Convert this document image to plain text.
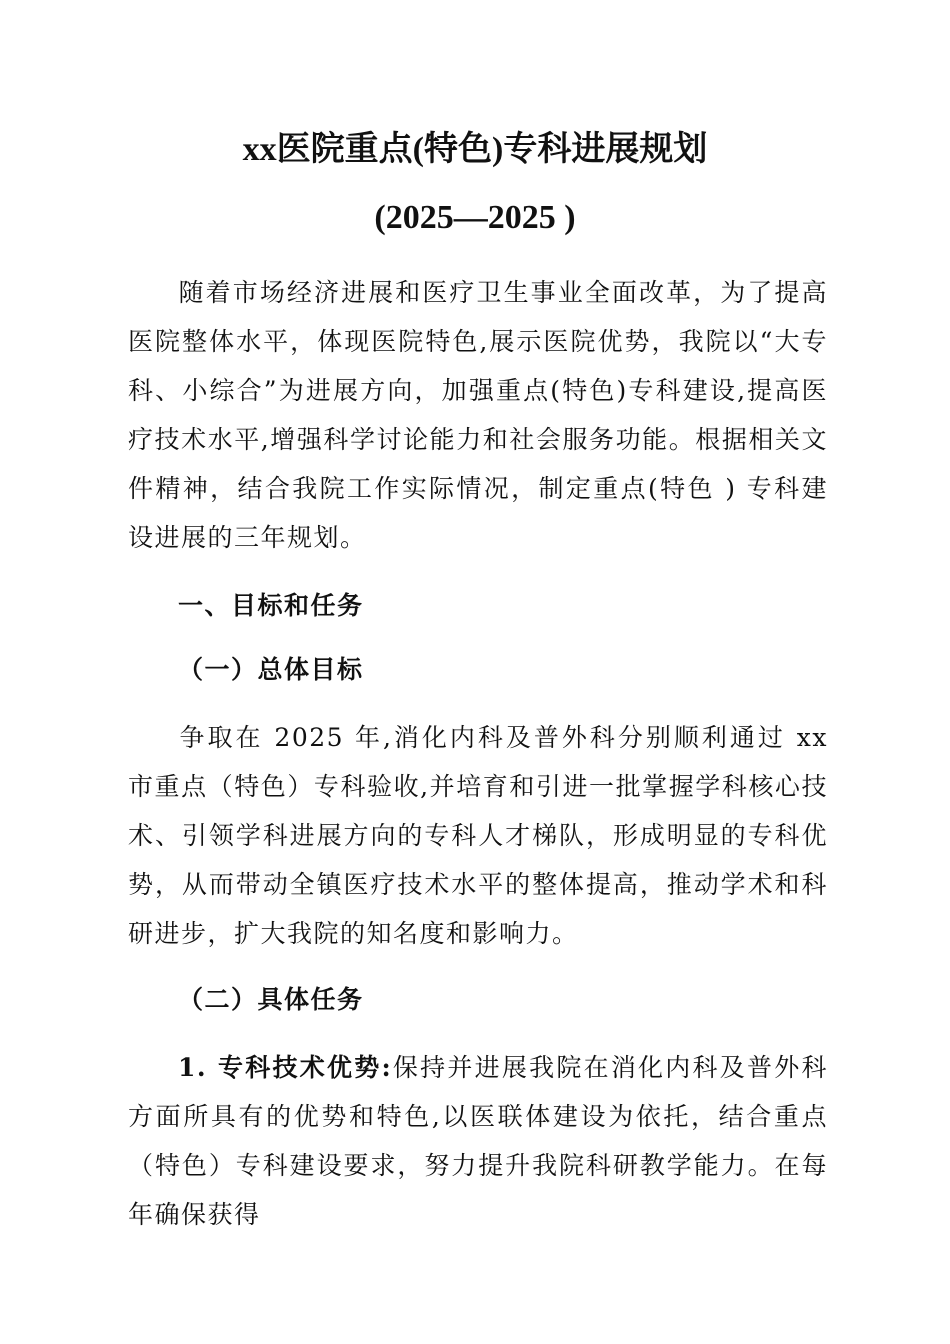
xx医院重点(特色)专科进展规划
(2025—2025 )
随着市场经济进展和医疗卫生事业全面改革，为了提高医院整体水平，体现医院特色,展示医院优势，我院以“大专科、小综合”为进展方向，加强重点(特色)专科建设,提高医疗技术水平,增强科学讨论能力和社会服务功能。根据相关文件精神，结合我院工作实际情况，制定重点(特色 ) 专科建设进展的三年规划。
一、目标和任务
（一）总体目标
争取在 2025 年,消化内科及普外科分别顺利通过 xx 市重点（特色）专科验收,并培育和引进一批掌握学科核心技术、引领学科进展方向的专科人才梯队，形成明显的专科优势，从而带动全镇医疗技术水平的整体提高，推动学术和科研进步，扩大我院的知名度和影响力。
（二）具体任务
1. 专科技术优势:保持并进展我院在消化内科及普外科方面所具有的优势和特色,以医联体建设为依托，结合重点（特色）专科建设要求，努力提升我院科研教学能力。在每年确保获得
